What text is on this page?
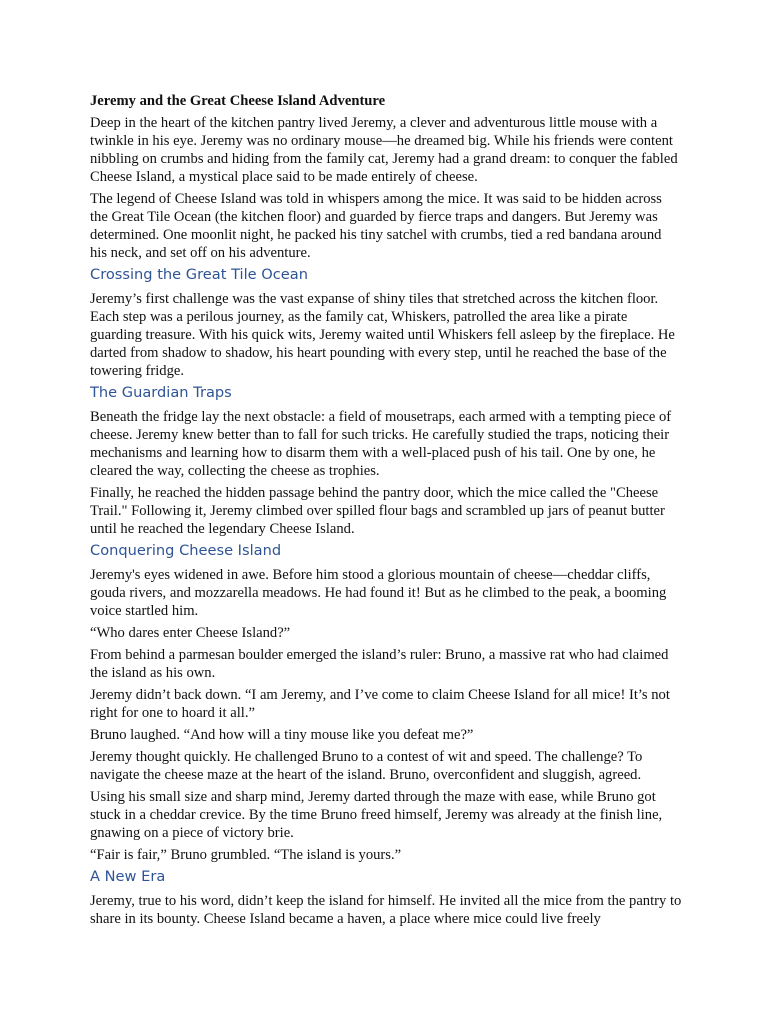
Jeremy and the Great Cheese Island Adventure

Deep in the heart of the kitchen pantry lived Jeremy, a clever and adventurous little mouse with a twinkle in his eye. Jeremy was no ordinary mouse—he dreamed big. While his friends were content nibbling on crumbs and hiding from the family cat, Jeremy had a grand dream: to conquer the fabled Cheese Island, a mystical place said to be made entirely of cheese.

The legend of Cheese Island was told in whispers among the mice. It was said to be hidden across the Great Tile Ocean (the kitchen floor) and guarded by fierce traps and dangers. But Jeremy was determined. One moonlit night, he packed his tiny satchel with crumbs, tied a red bandana around his neck, and set off on his adventure.

Crossing the Great Tile Ocean

Jeremy’s first challenge was the vast expanse of shiny tiles that stretched across the kitchen floor. Each step was a perilous journey, as the family cat, Whiskers, patrolled the area like a pirate guarding treasure. With his quick wits, Jeremy waited until Whiskers fell asleep by the fireplace. He darted from shadow to shadow, his heart pounding with every step, until he reached the base of the towering fridge.

The Guardian Traps

Beneath the fridge lay the next obstacle: a field of mousetraps, each armed with a tempting piece of cheese. Jeremy knew better than to fall for such tricks. He carefully studied the traps, noticing their mechanisms and learning how to disarm them with a well-placed push of his tail. One by one, he cleared the way, collecting the cheese as trophies.

Finally, he reached the hidden passage behind the pantry door, which the mice called the "Cheese Trail." Following it, Jeremy climbed over spilled flour bags and scrambled up jars of peanut butter until he reached the legendary Cheese Island.

Conquering Cheese Island

Jeremy's eyes widened in awe. Before him stood a glorious mountain of cheese—cheddar cliffs, gouda rivers, and mozzarella meadows. He had found it! But as he climbed to the peak, a booming voice startled him.

“Who dares enter Cheese Island?”

From behind a parmesan boulder emerged the island’s ruler: Bruno, a massive rat who had claimed the island as his own.

Jeremy didn’t back down. “I am Jeremy, and I’ve come to claim Cheese Island for all mice! It’s not right for one to hoard it all.”

Bruno laughed. “And how will a tiny mouse like you defeat me?”

Jeremy thought quickly. He challenged Bruno to a contest of wit and speed. The challenge? To navigate the cheese maze at the heart of the island. Bruno, overconfident and sluggish, agreed.

Using his small size and sharp mind, Jeremy darted through the maze with ease, while Bruno got stuck in a cheddar crevice. By the time Bruno freed himself, Jeremy was already at the finish line, gnawing on a piece of victory brie.

“Fair is fair,” Bruno grumbled. “The island is yours.”

A New Era

Jeremy, true to his word, didn’t keep the island for himself. He invited all the mice from the pantry to share in its bounty. Cheese Island became a haven, a place where mice could live freely
